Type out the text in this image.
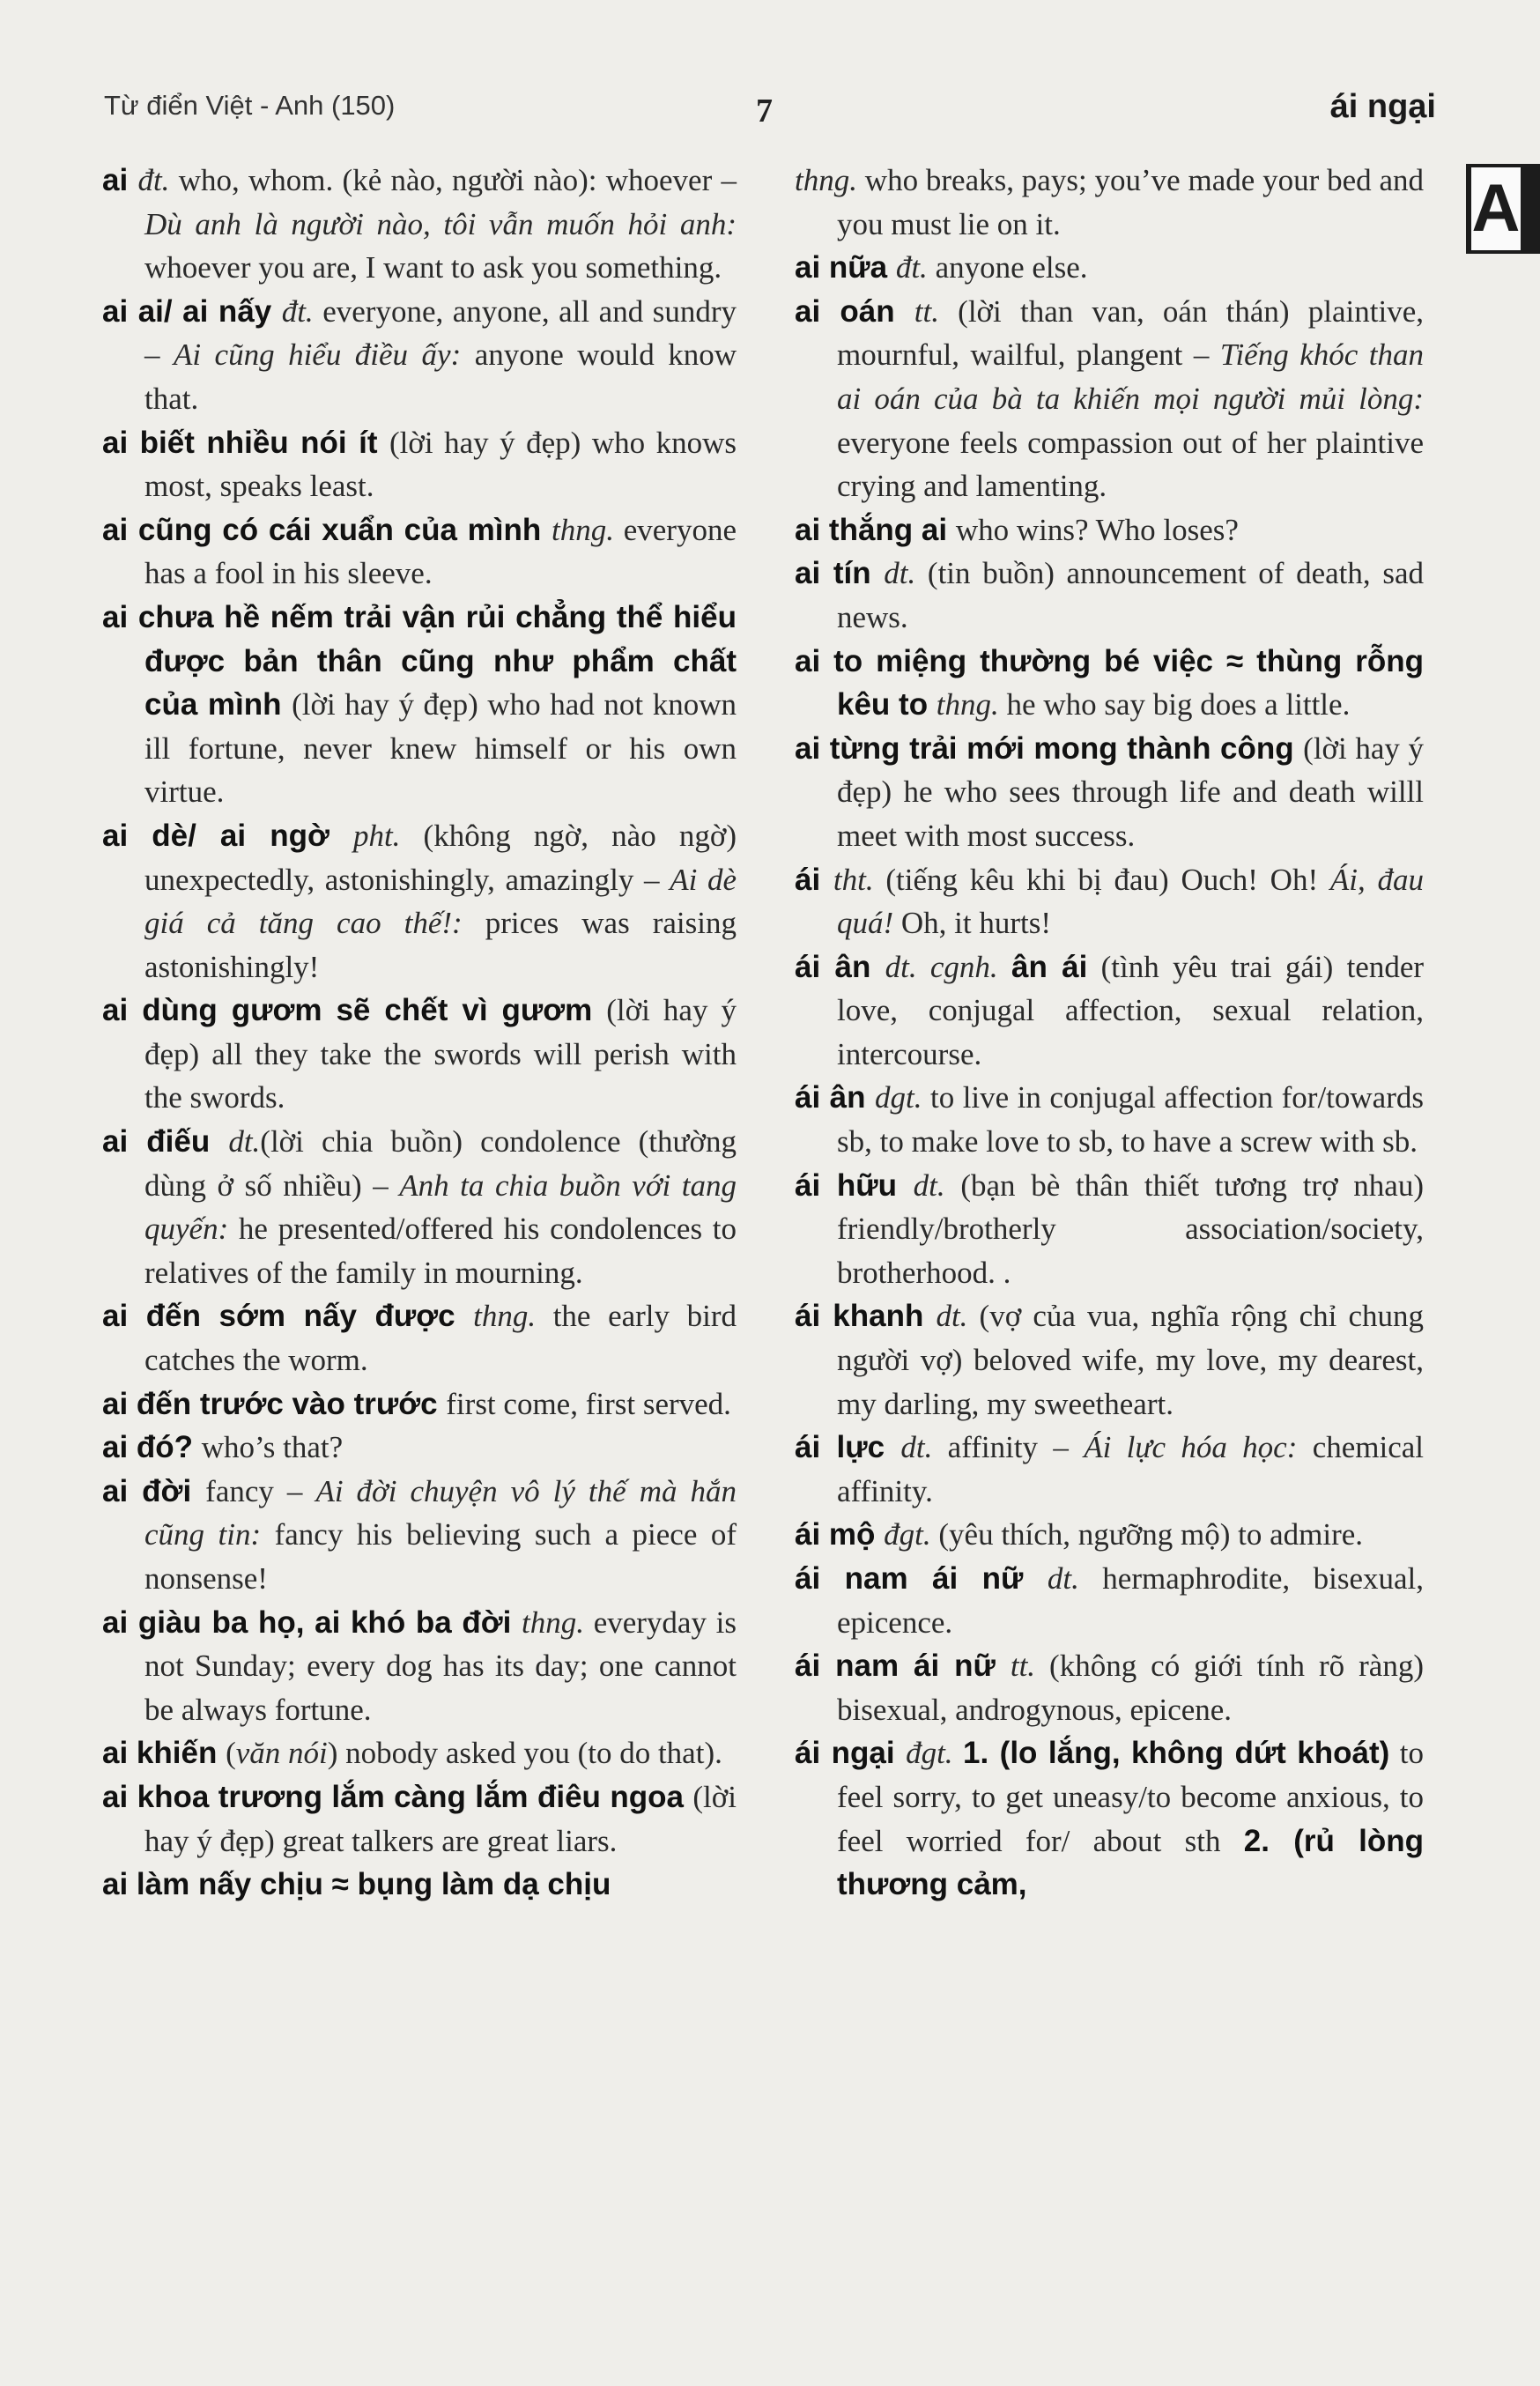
Từ điển Việt - Anh (150)	7	ái ngại
A

ai đt. who, whom. (kẻ nào, người nào): whoever – Dù anh là người nào, tôi vẫn muốn hỏi anh: whoever you are, I want to ask you something.

ai ai/ ai nấy đt. everyone, anyone, all and sundry – Ai cũng hiểu điều ấy: anyone would know that.

ai biết nhiều nói ít (lời hay ý đẹp) who knows most, speaks least.

ai cũng có cái xuẩn của mình thng. everyone has a fool in his sleeve.

ai chưa hề nếm trải vận rủi chẳng thể hiểu được bản thân cũng như phẩm chất của mình (lời hay ý đẹp) who had not known ill fortune, never knew himself or his own virtue.

ai dè/ ai ngờ pht. (không ngờ, nào ngờ) unexpectedly, astonishingly, amazingly – Ai dè giá cả tăng cao thế!: prices was raising astonishingly!

ai dùng gươm sẽ chết vì gươm (lời hay ý đẹp) all they take the swords will perish with the swords.

ai điếu dt.(lời chia buồn) condolence (thường dùng ở số nhiều) – Anh ta chia buồn với tang quyến: he presented/offered his condolences to relatives of the family in mourning.

ai đến sớm nấy được thng. the early bird catches the worm.

ai đến trước vào trước first come, first served.

ai đó? who’s that?

ai đời fancy – Ai đời chuyện vô lý thế mà hắn cũng tin: fancy his believing such a piece of nonsense!

ai giàu ba họ, ai khó ba đời thng. everyday is not Sunday; every dog has its day; one cannot be always fortune.

ai khiến (văn nói) nobody asked you (to do that).

ai khoa trương lắm càng lắm điêu ngoa (lời hay ý đẹp) great talkers are great liars.

ai làm nấy chịu ≈ bụng làm dạ chịu

thng. who breaks, pays; you’ve made your bed and you must lie on it.

ai nữa đt. anyone else.

ai oán tt. (lời than van, oán thán) plaintive, mournful, wailful, plangent – Tiếng khóc than ai oán của bà ta khiến mọi người mủi lòng: everyone feels compassion out of her plaintive crying and lamenting.

ai thắng ai who wins? Who loses?

ai tín dt. (tin buồn) announcement of death, sad news.

ai to miệng thường bé việc ≈ thùng rỗng kêu to thng. he who say big does a little.

ai từng trải mới mong thành công (lời hay ý đẹp) he who sees through life and death willl meet with most success.

ái tht. (tiếng kêu khi bị đau) Ouch! Oh! Ái, đau quá! Oh, it hurts!

ái ân dt. cgnh. ân ái (tình yêu trai gái) tender love, conjugal affection, sexual relation, intercourse.

ái ân dgt. to live in conjugal affection for/towards sb, to make love to sb, to have a screw with sb.

ái hữu dt. (bạn bè thân thiết tương trợ nhau) friendly/brotherly association/society, brotherhood. .

ái khanh dt. (vợ của vua, nghĩa rộng chỉ chung người vợ) beloved wife, my love, my dearest, my darling, my sweetheart.

ái lực dt. affinity – Ái lực hóa học: chemical affinity.

ái mộ đgt. (yêu thích, ngưỡng mộ) to admire.

ái nam ái nữ dt. hermaphrodite, bisexual, epicence.

ái nam ái nữ tt. (không có giới tính rõ ràng) bisexual, androgynous, epicene.

ái ngại đgt. 1. (lo lắng, không dứt khoát) to feel sorry, to get uneasy/to become anxious, to feel worried for/ about sth 2. (rủ lòng thương cảm,
